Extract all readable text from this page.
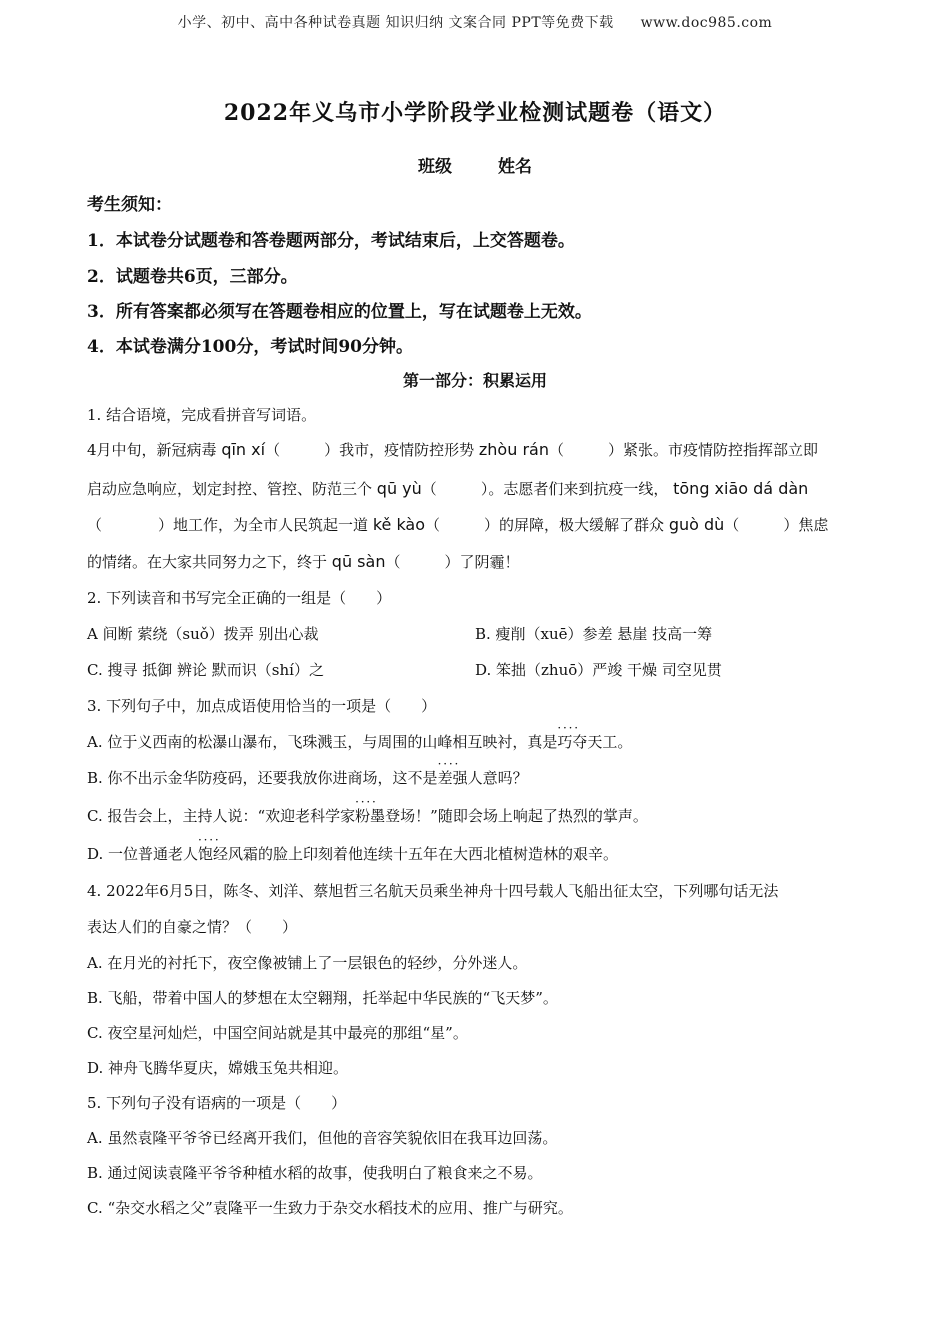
小学、初中、高中各种试卷真题 知识归纳 文案合同 PPT等免费下载 www.doc985.com
2022年义乌市小学阶段学业检测试题卷（语文）
班级	姓名
考生须知：
1．本试卷分试题卷和答卷题两部分，考试结束后，上交答题卷。
2．试题卷共6页，三部分。
3．所有答案都必须写在答题卷相应的位置上，写在试题卷上无效。
4．本试卷满分100分，考试时间90分钟。
第一部分：积累运用
1. 结合语境，完成看拼音写词语。
4月中旬，新冠病毒 qīn xí（	）我市，疫情防控形势 zhòu rán（	）紧张。市疫情防控指挥部立即
启动应急响应，划定封控、管控、防范三个 qū yù（	）。志愿者们来到抗疫一线， tōng xiāo dá dàn
（	）地工作，为全市人民筑起一道 kě kào（	）的屏障，极大缓解了群众 guò dù（	）焦虑
的情绪。在大家共同努力之下，终于 qū sàn（	）了阴霾！
2. 下列读音和书写完全正确的一组是（　　）
A 间断 萦绕（suǒ）拨弄 别出心裁	B. 瘦削（xuē）参差 悬崖 技高一筹
C. 搜寻 抵御 辨论 默而识（shí）之	D. 笨拙（zhuō）严竣 干燥 司空见贯
3. 下列句子中，加点成语使用恰当的一项是（　　）
A. 位于义西南的松瀑山瀑布，飞珠溅玉，与周围的山峰相互映衬，真是· · · · 巧夺天工。
B. 你不出示金华防疫码，还要我放你进商场，这不是· · · · 差强人意吗？
C. 报告会上，主持人说：“欢迎老科学家· · · · 粉墨登场！”随即会场上响起了热烈的掌声。
D. 一位普通老人· · · · 饱经风霜的脸上印刻着他连续十五年在大西北植树造林的艰辛。
4. 2022年6月5日，陈冬、刘洋、蔡旭哲三名航天员乘坐神舟十四号载人飞船出征太空，下列哪句话无法
表达人们的自豪之情？（　　）
A. 在月光的衬托下，夜空像被铺上了一层银色的轻纱，分外迷人。
B. 飞船，带着中国人的梦想在太空翱翔，托举起中华民族的“飞天梦”。
C. 夜空星河灿烂，中国空间站就是其中最亮的那组“星”。
D. 神舟飞腾华夏庆，嫦娥玉兔共相迎。
5. 下列句子没有语病的一项是（　　）
A. 虽然袁隆平爷爷已经离开我们，但他的音容笑貌依旧在我耳边回荡。
B. 通过阅读袁隆平爷爷种植水稻的故事，使我明白了粮食来之不易。
C. “杂交水稻之父”袁隆平一生致力于杂交水稻技术的应用、推广与研究。
